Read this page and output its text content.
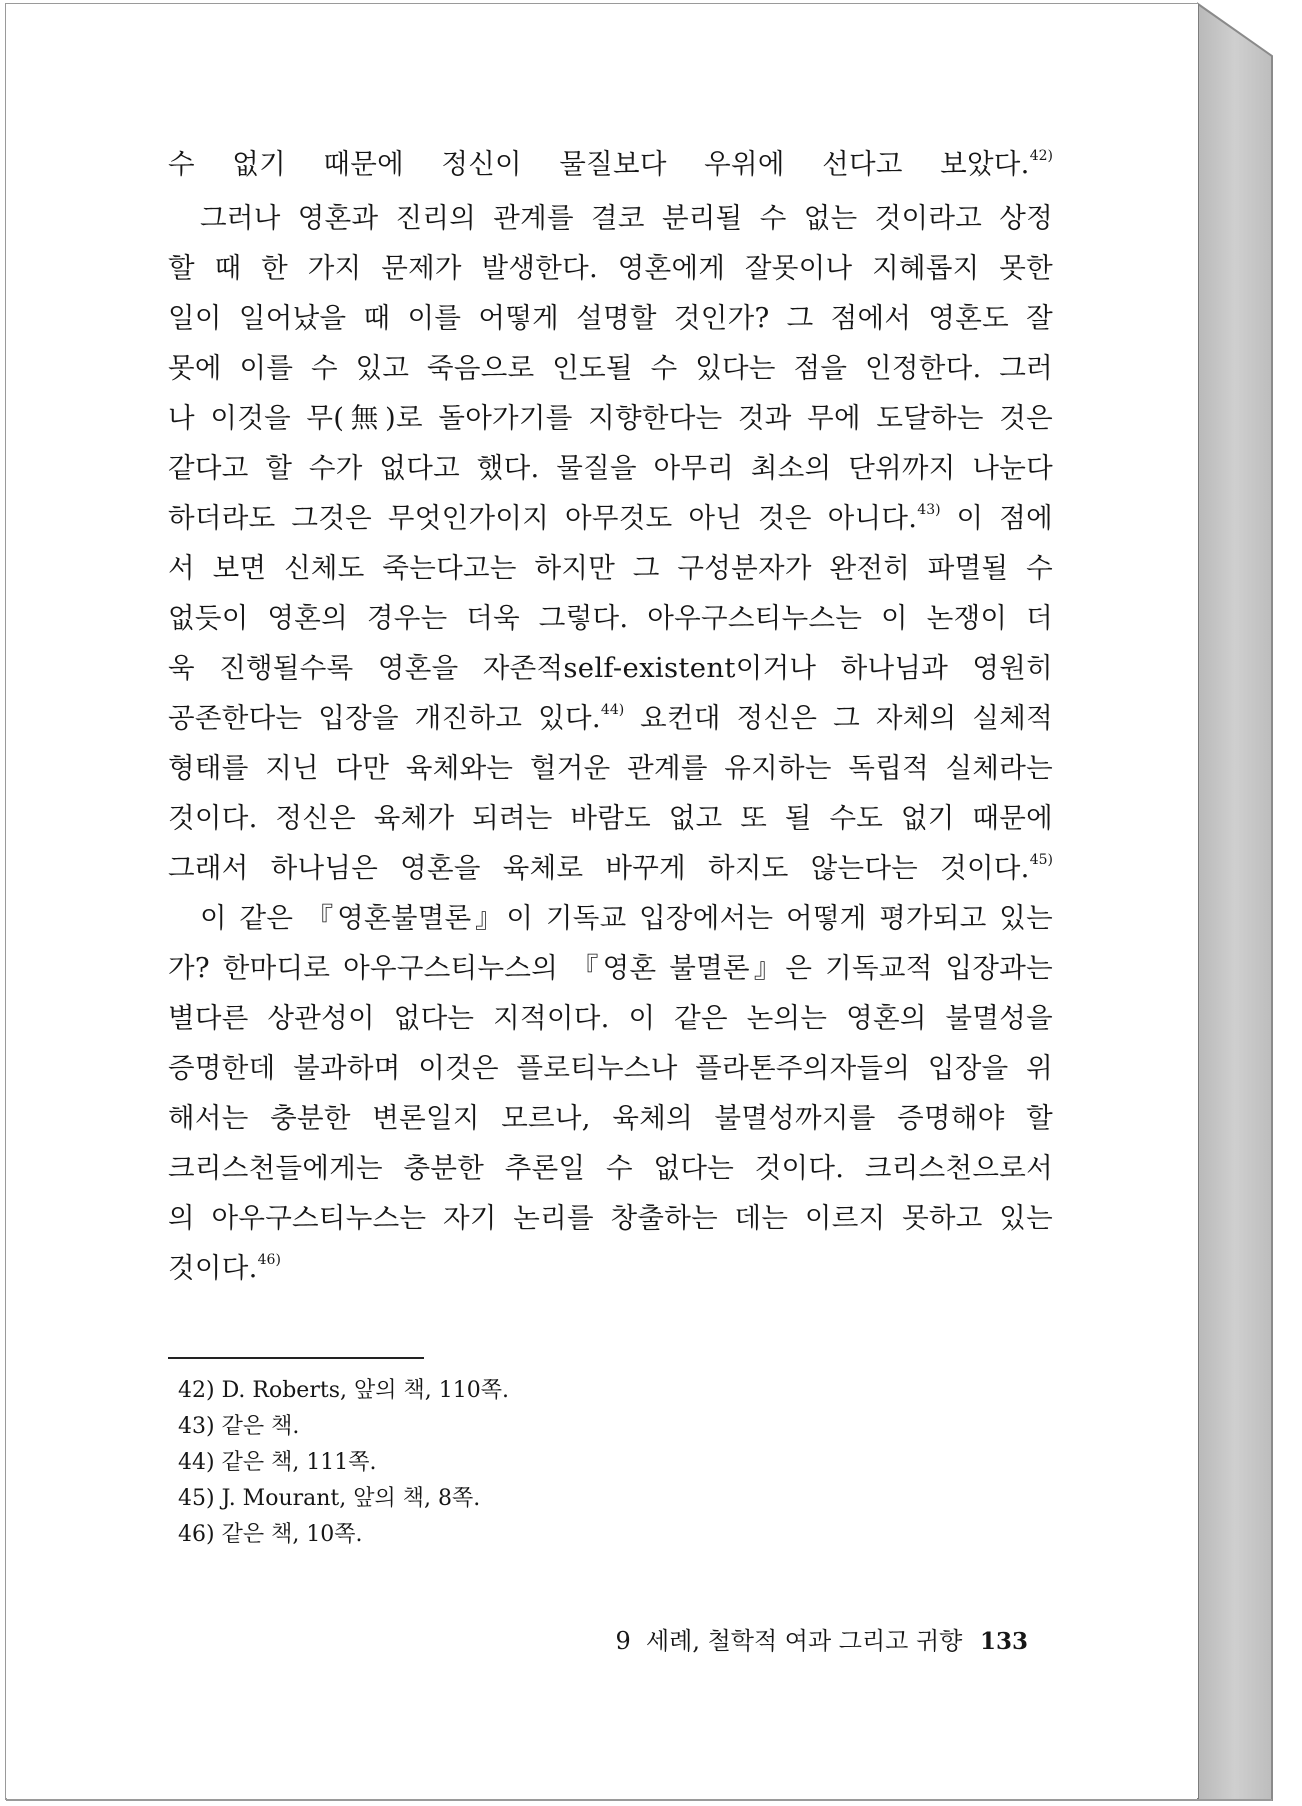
수 없기 때문에 정신이 물질보다 우위에 선다고 보았다.$^{42)}$
그러나 영혼과 진리의 관계를 결코 분리될 수 없는 것이라고 상정
할 때 한 가지 문제가 발생한다. 영혼에게 잘못이나 지혜롭지 못한
일이 일어났을 때 이를 어떻게 설명할 것인가? 그 점에서 영혼도 잘
못에 이를 수 있고 죽음으로 인도될 수 있다는 점을 인정한다. 그러
나 이것을 무(無)로 돌아가기를 지향한다는 것과 무에 도달하는 것은
같다고 할 수가 없다고 했다. 물질을 아무리 최소의 단위까지 나눈다
하더라도 그것은 무엇인가이지 아무것도 아닌 것은 아니다.$^{43)}$ 이 점에
서 보면 신체도 죽는다고는 하지만 그 구성분자가 완전히 파멸될 수
없듯이 영혼의 경우는 더욱 그렇다. 아우구스티누스는 이 논쟁이 더
욱 진행될수록 영혼을 자존적self-existent이거나 하나님과 영원히
공존한다는 입장을 개진하고 있다.$^{44)}$ 요컨대 정신은 그 자체의 실체적
형태를 지닌 다만 육체와는 헐거운 관계를 유지하는 독립적 실체라는
것이다. 정신은 육체가 되려는 바람도 없고 또 될 수도 없기 때문에
그래서 하나님은 영혼을 육체로 바꾸게 하지도 않는다는 것이다.$^{45)}$
이 같은 『영혼불멸론』이 기독교 입장에서는 어떻게 평가되고 있는
가? 한마디로 아우구스티누스의 『영혼 불멸론』은 기독교적 입장과는
별다른 상관성이 없다는 지적이다. 이 같은 논의는 영혼의 불멸성을
증명한데 불과하며 이것은 플로티누스나 플라톤주의자들의 입장을 위
해서는 충분한 변론일지 모르나, 육체의 불멸성까지를 증명해야 할
크리스천들에게는 충분한 추론일 수 없다는 것이다. 크리스천으로서
의 아우구스티누스는 자기 논리를 창출하는 데는 이르지 못하고 있는
것이다.$^{46)}$
42) D. Roberts, 앞의 책, 110쪽.
43) 같은 책.
44) 같은 책, 111쪽.
45) J. Mourant, 앞의 책, 8쪽.
46) 같은 책, 10쪽.
9 세례, 철학적 여과 그리고 귀향 133
